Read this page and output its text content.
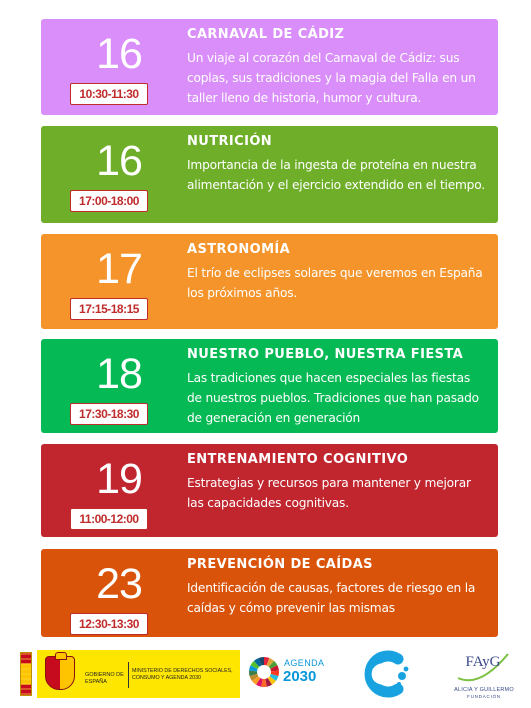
16
10:30-11:30
CARNAVAL DE CÁDIZ
Un viaje al corazón del Carnaval de Cádiz: sus coplas, sus tradiciones y la magia del Falla en un taller lleno de historia, humor y cultura.
16
17:00-18:00
NUTRICIÓN
Importancia de la ingesta de proteína en nuestra alimentación y el ejercicio extendido en el tiempo.
17
17:15-18:15
ASTRONOMÍA
El trío de eclipses solares que veremos en España los próximos años.
18
17:30-18:30
NUESTRO PUEBLO, NUESTRA FIESTA
Las tradiciones que hacen especiales las fiestas de nuestros pueblos. Tradiciones que han pasado de generación en generación
19
11:00-12:00
ENTRENAMIENTO COGNITIVO
Estrategias y recursos para mantener y mejorar las capacidades cognitivas.
23
12:30-13:30
PREVENCIÓN DE CAÍDAS
Identificación de causas, factores de riesgo en la caídas y cómo prevenir las mismas
GOBIERNO DE ESPAÑA
MINISTERIO DE DERECHOS SOCIALES, CONSUMO Y AGENDA 2030
AGENDA
2030
FAyG
ALICIA Y GUILLERMO
FUNDACIÓN
